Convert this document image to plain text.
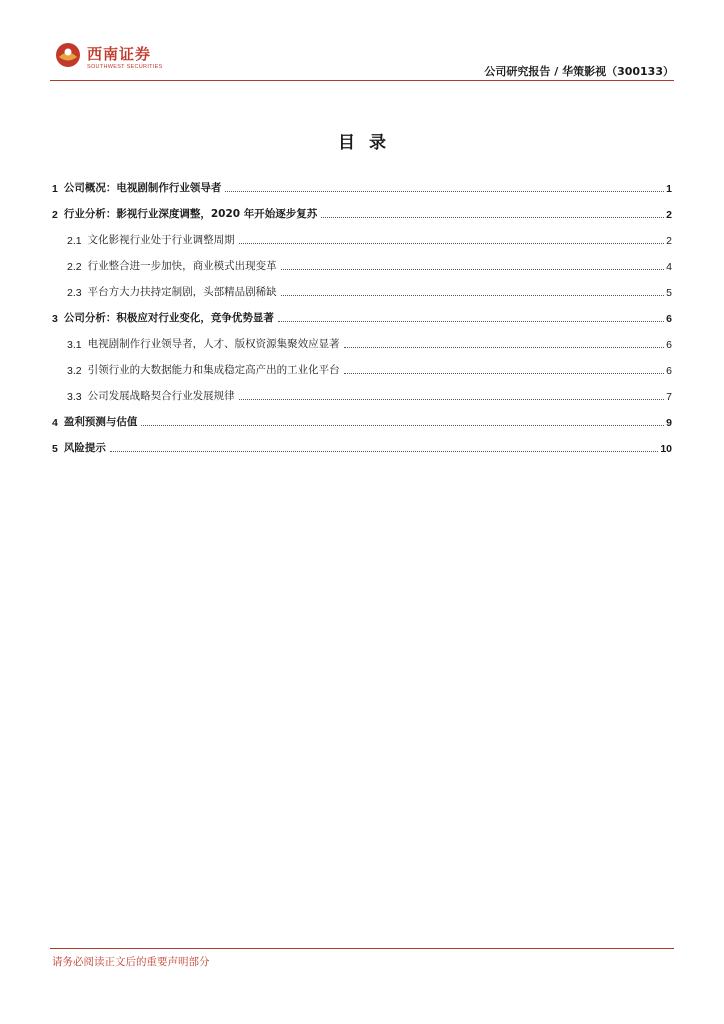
西南证券
SOUTHWEST SECURITIES	公司研究报告 / 华策影视（300133）
目录
1 公司概况：电视剧制作行业领导者	1
2 行业分析：影视行业深度调整，2020 年开始逐步复苏	2
2.1 文化影视行业处于行业调整周期	2
2.2 行业整合进一步加快，商业模式出现变革	4
2.3 平台方大力扶持定制剧，头部精品剧稀缺	5
3 公司分析：积极应对行业变化，竞争优势显著	6
3.1 电视剧制作行业领导者，人才、版权资源集聚效应显著	6
3.2 引领行业的大数据能力和集成稳定高产出的工业化平台	6
3.3 公司发展战略契合行业发展规律	7
4 盈利预测与估值	9
5 风险提示	10
请务必阅读正文后的重要声明部分
